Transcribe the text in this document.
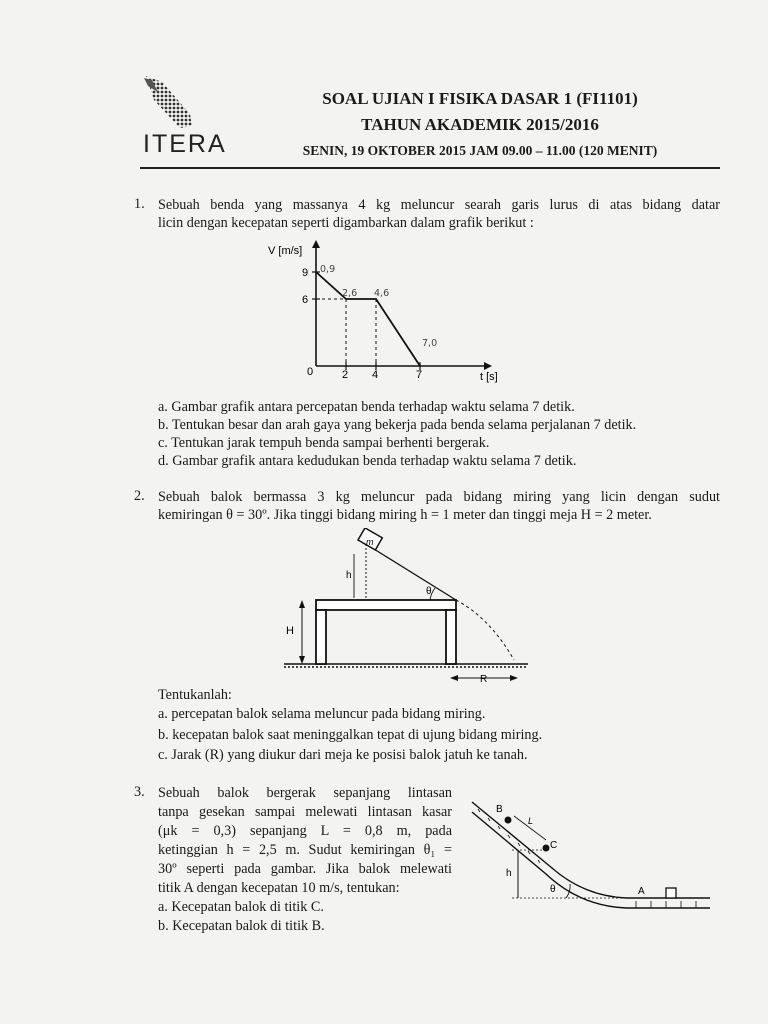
ITERA
SOAL UJIAN I FISIKA DASAR 1 (FI1101)
TAHUN AKADEMIK 2015/2016
SENIN, 19 OKTOBER 2015 JAM 09.00 – 11.00 (120 MENIT)
1. Sebuah benda yang massanya 4 kg meluncur searah garis lurus di atas bidang datar
licin dengan kecepatan seperti digambarkan dalam grafik berikut :
V [m/s]
9
6
0	2 4	7	t [s]
0,9
2,6 4,6
7,0
a. Gambar grafik antara percepatan benda terhadap waktu selama 7 detik.
b. Tentukan besar dan arah gaya yang bekerja pada benda selama perjalanan 7 detik.
c. Tentukan jarak tempuh benda sampai berhenti bergerak.
d. Gambar grafik antara kedudukan benda terhadap waktu selama 7 detik.
2. Sebuah balok bermassa 3 kg meluncur pada bidang miring yang licin dengan sudut
kemiringan θ = 30º. Jika tinggi bidang miring h = 1 meter dan tinggi meja H = 2 meter.
m
h
θ
H
R
Tentukanlah:
a. percepatan balok selama meluncur pada bidang miring.
b. kecepatan balok saat meninggalkan tepat di ujung bidang miring.
c. Jarak (R) yang diukur dari meja ke posisi balok jatuh ke tanah.
3. Sebuah balok bergerak sepanjang lintasan
tanpa gesekan sampai melewati lintasan kasar
(μk = 0,3) sepanjang L = 0,8 m, pada
ketinggian h = 2,5 m. Sudut kemiringan θ₁ =
30º seperti pada gambar. Jika balok melewati
titik A dengan kecepatan 10 m/s, tentukan:
a. Kecepatan balok di titik C.
b. Kecepatan balok di titik B.
B
C
L
h
θ	A
